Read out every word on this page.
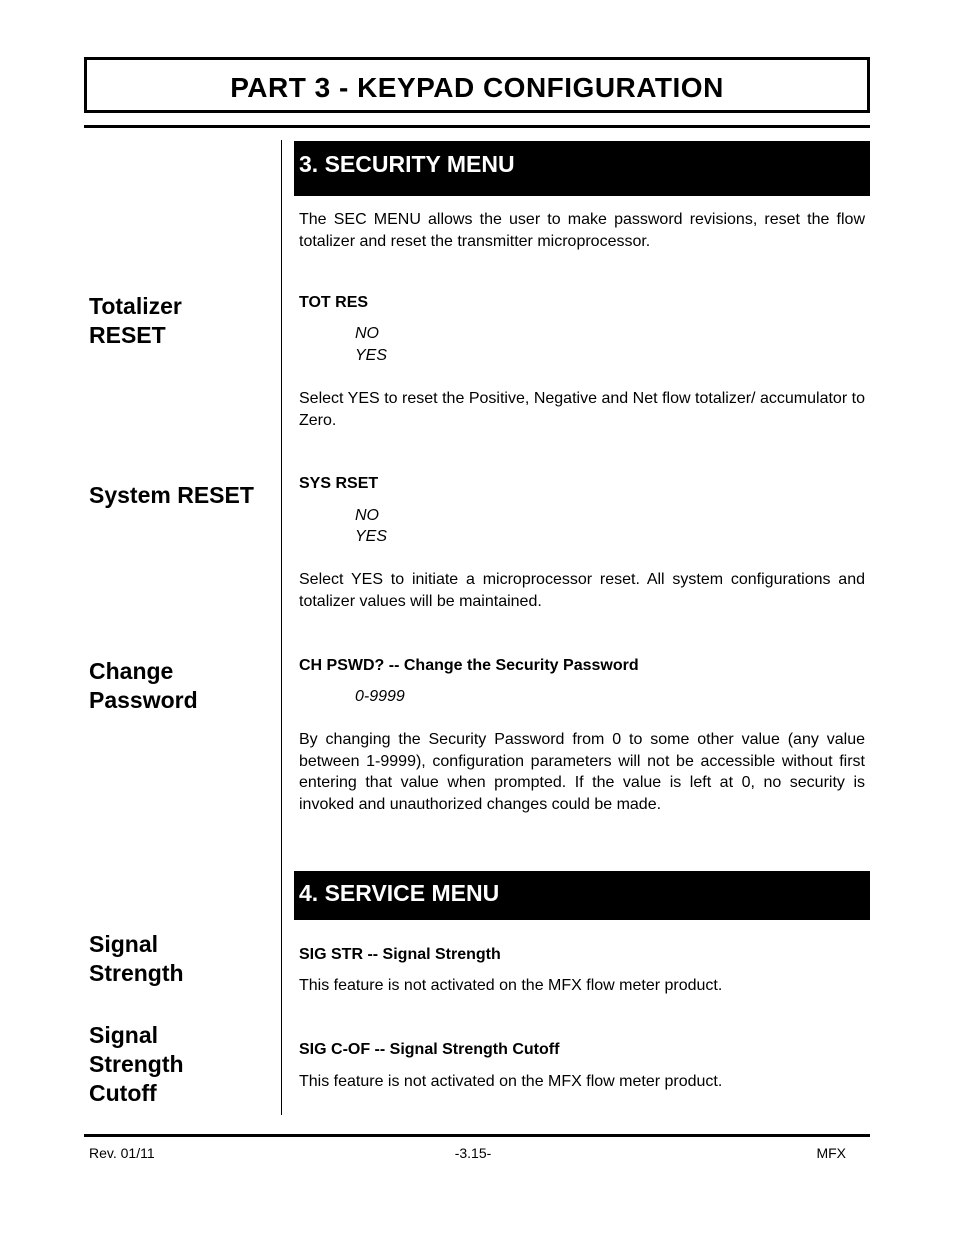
PART 3 - KEYPAD CONFIGURATION
3. SECURITY MENU
The SEC MENU allows the user to make password revisions, reset the flow totalizer and reset the transmitter microprocessor.
Totalizer
RESET
TOT RES
NO
YES
Select YES to reset the Positive, Negative and Net flow totalizer/ accumulator to Zero.
System RESET	SYS RSET
NO
YES
Select YES to initiate a microprocessor reset. All system configurations and totalizer values will be maintained.
Change
Password
CH PSWD? -- Change the Security Password
0-9999
By changing the Security Password from 0 to some other value (any value between 1-9999), configuration parameters will not be accessible without first entering that value when prompted. If the value is left at 0, no security is invoked and unauthorized changes could be made.
4. SERVICE MENU
Signal
Strength
SIG STR -- Signal Strength
This feature is not activated on the MFX flow meter product.
Signal
Strength
Cutoff
SIG C-OF -- Signal Strength Cutoff
This feature is not activated on the MFX flow meter product.
Rev. 01/11	-3.15-	MFX
